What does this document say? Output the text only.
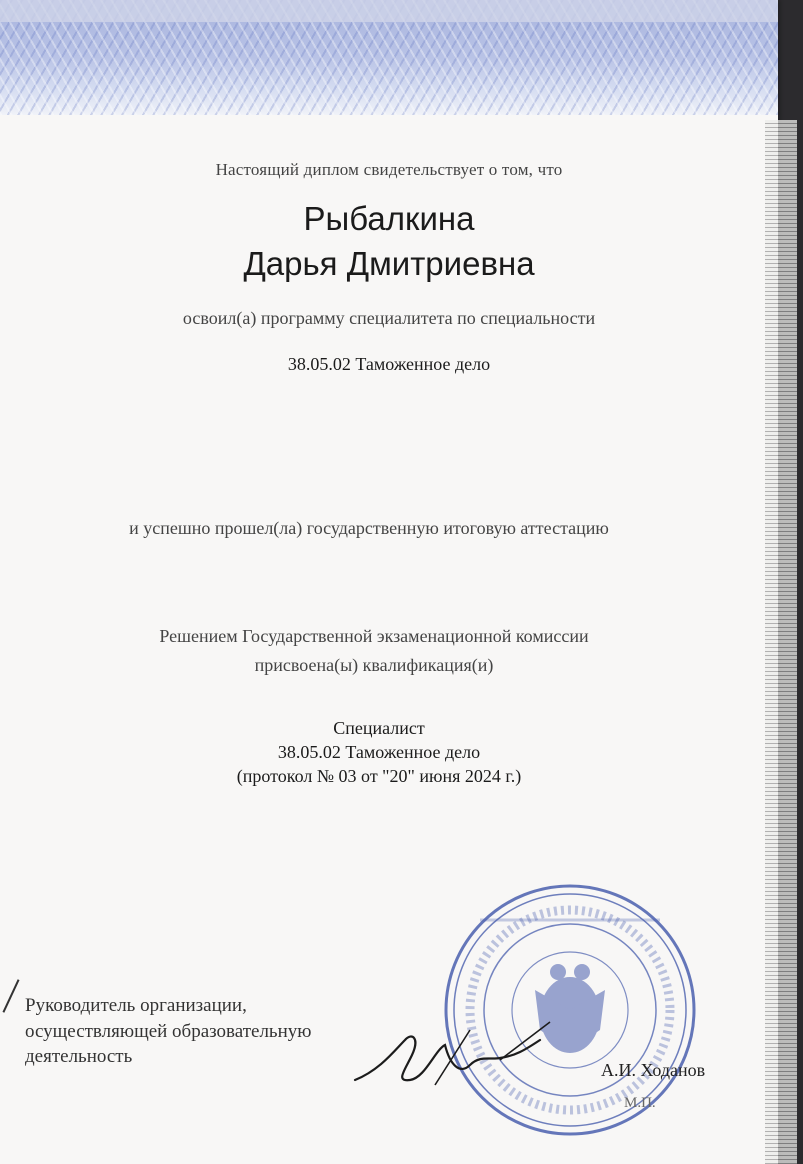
Настоящий диплом свидетельствует о том, что
Рыбалкина
Дарья Дмитриевна
освоил(а) программу специалитета по специальности
38.05.02 Таможенное дело
и успешно прошел(ла) государственную итоговую аттестацию
Решением Государственной экзаменационной комиссии
присвоена(ы) квалификация(и)
Специалист
38.05.02 Таможенное дело
(протокол № 03 от "20" июня 2024 г.)
Руководитель организации,
осуществляющей образовательную
деятельность
А.И. Ходанов
М.П.
